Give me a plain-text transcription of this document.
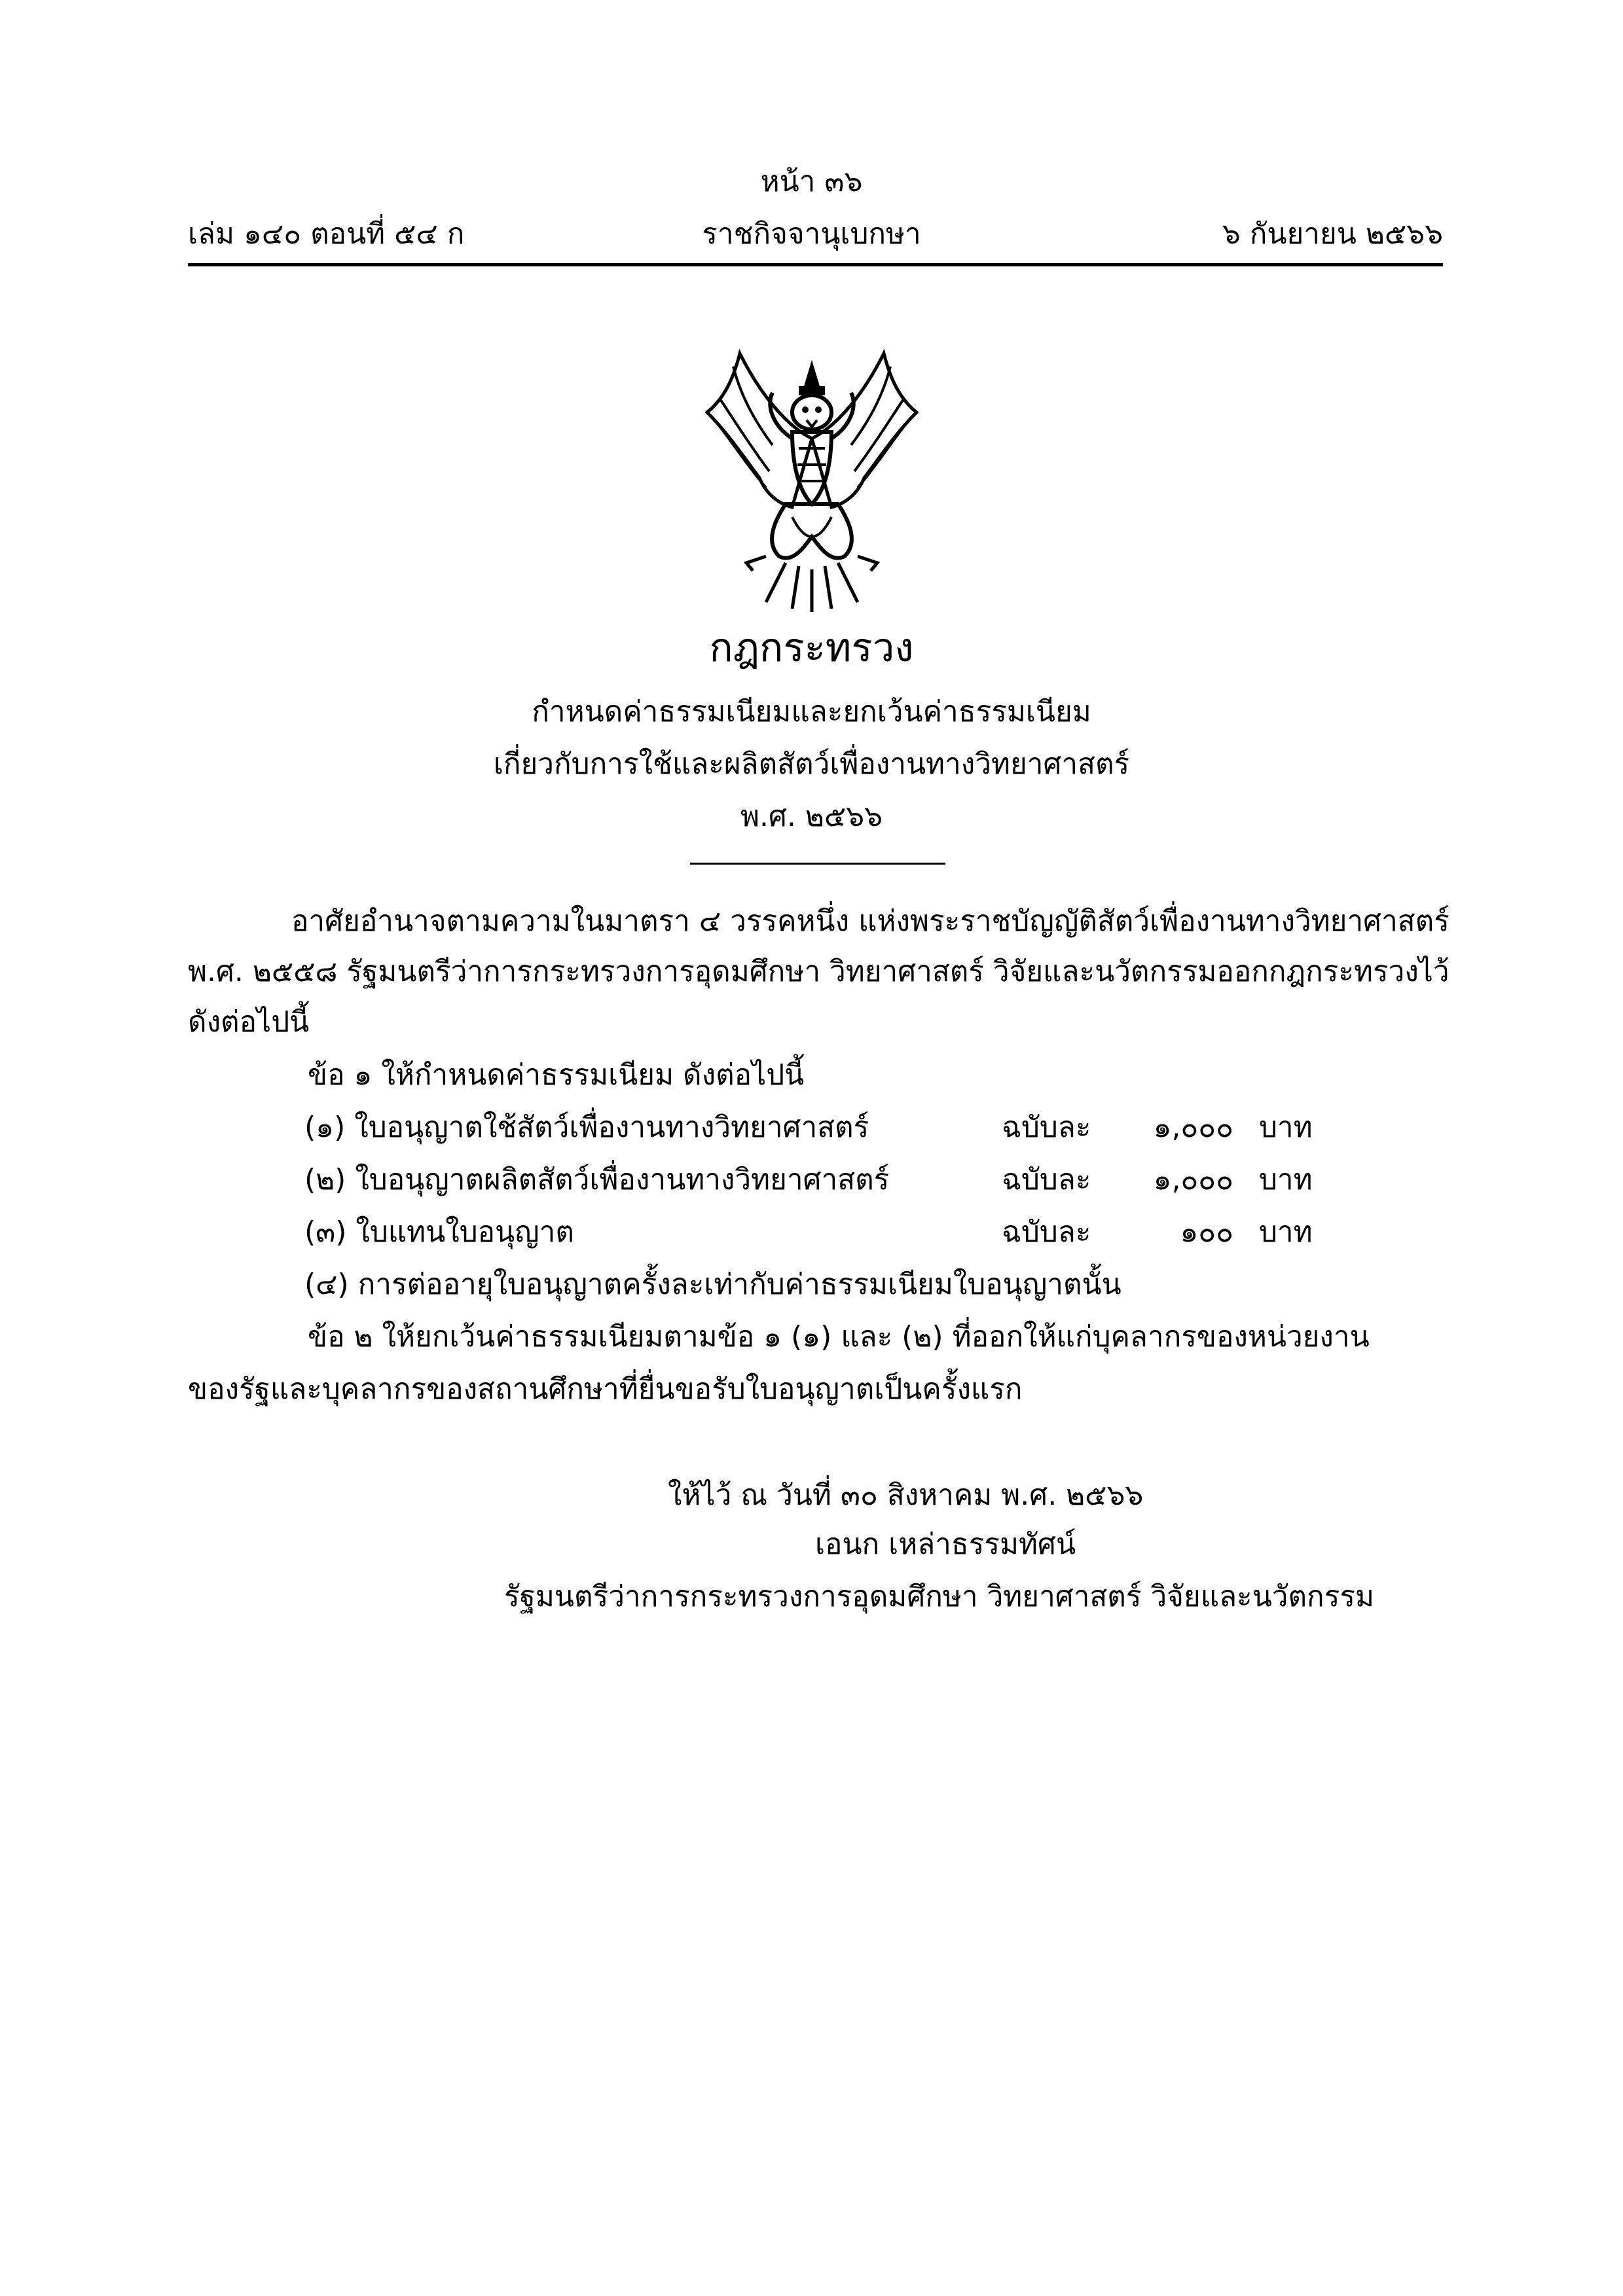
หน้า ๓๖
เล่ม ๑๔๐ ตอนที่ ๕๔ ก	ราชกิจจานุเบกษา	๖ กันยายน ๒๕๖๖
กฎกระทรวง
กำหนดค่าธรรมเนียมและยกเว้นค่าธรรมเนียม
เกี่ยวกับการใช้และผลิตสัตว์เพื่องานทางวิทยาศาสตร์
พ.ศ. ๒๕๖๖
อาศัยอำนาจตามความในมาตรา ๔ วรรคหนึ่ง แห่งพระราชบัญญัติสัตว์เพื่องานทางวิทยาศาสตร์
พ.ศ. ๒๕๕๘ รัฐมนตรีว่าการกระทรวงการอุดมศึกษา วิทยาศาสตร์ วิจัยและนวัตกรรมออกกฎกระทรวงไว้
ดังต่อไปนี้
ข้อ ๑ ให้กำหนดค่าธรรมเนียม ดังต่อไปนี้
(๑) ใบอนุญาตใช้สัตว์เพื่องานทางวิทยาศาสตร์	ฉบับละ ๑,๐๐๐ บาท
(๒) ใบอนุญาตผลิตสัตว์เพื่องานทางวิทยาศาสตร์	ฉบับละ ๑,๐๐๐ บาท
(๓) ใบแทนใบอนุญาต	ฉบับละ	๑๐๐ บาท
(๔) การต่ออายุใบอนุญาตครั้งละเท่ากับค่าธรรมเนียมใบอนุญาตนั้น
ข้อ ๒ ให้ยกเว้นค่าธรรมเนียมตามข้อ ๑ (๑) และ (๒) ที่ออกให้แก่บุคลากรของหน่วยงาน
ของรัฐและบุคลากรของสถานศึกษาที่ยื่นขอรับใบอนุญาตเป็นครั้งแรก
ให้ไว้ ณ วันที่ ๓๐ สิงหาคม พ.ศ. ๒๕๖๖
เอนก เหล่าธรรมทัศน์
รัฐมนตรีว่าการกระทรวงการอุดมศึกษา วิทยาศาสตร์ วิจัยและนวัตกรรม
